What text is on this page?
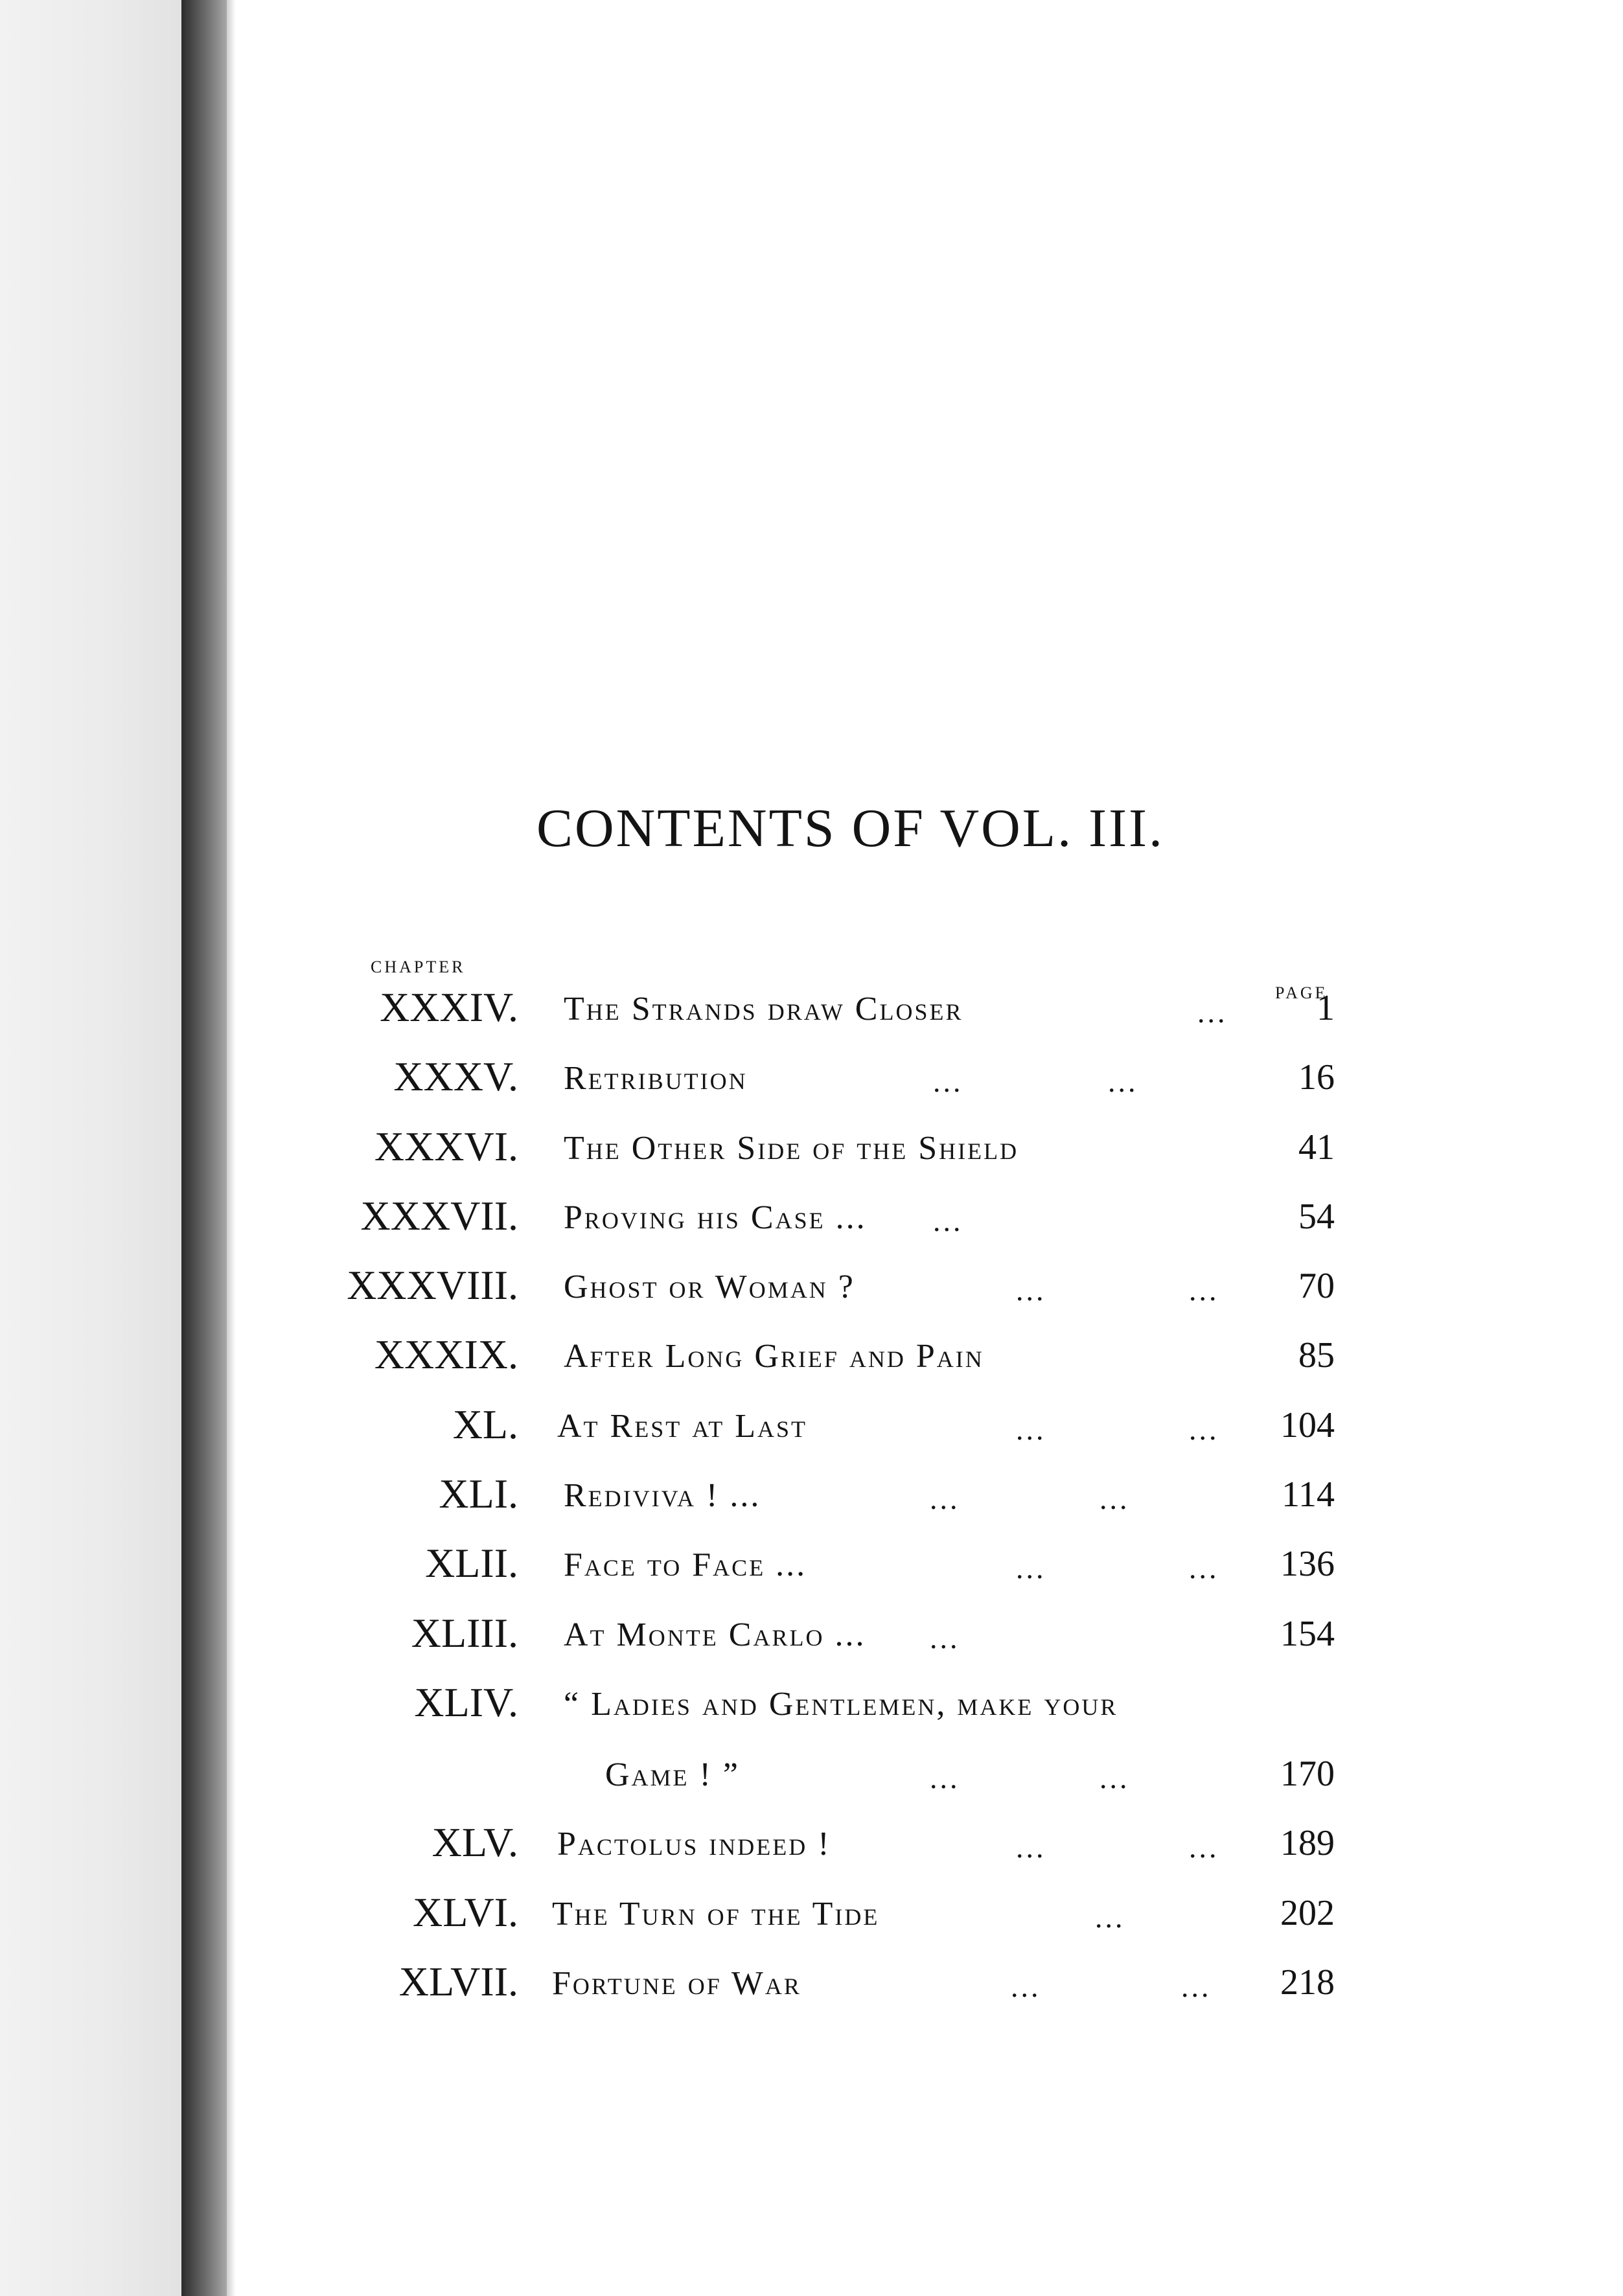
CONTENTS OF VOL. III.
CHAPTER
PAGE
XXXIV. The Strands draw Closer	... 1
XXXV. Retribution	...	...	16
XXXVI. The Other Side of the Shield	41
XXXVII. Proving his Case ... ...	54
XXXVIII. Ghost or Woman ?	...	... 70
XXXIX. After Long Grief and Pain	85
XL. At Rest at Last	...	... 104
XLI. Rediviva ! ...	...	...	114
XLII. Face to Face ...	...	... 136
XLIII. At Monte Carlo ... ...	154
XLIV. “ Ladies and Gentlemen, make your
Game ! ”	...	...	170
XLV. Pactolus indeed !	...	... 189
XLVI. The Turn of the Tide	...	202
XLVII. Fortune of War	...	... 218
